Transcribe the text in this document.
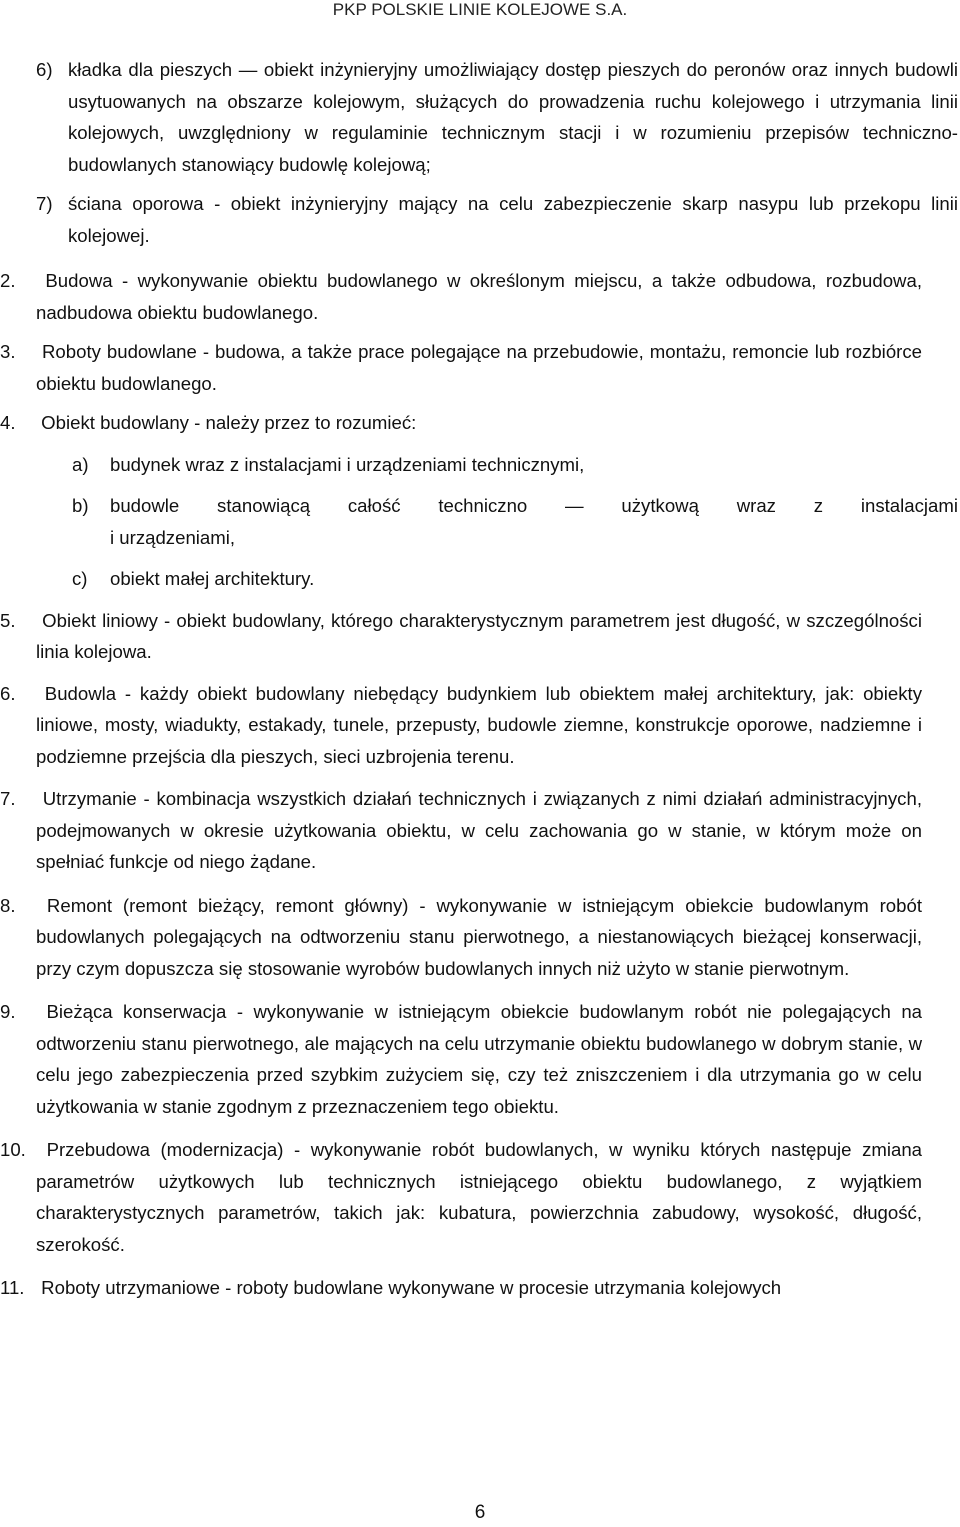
PKP POLSKIE LINIE KOLEJOWE S.A.
6) kładka dla pieszych — obiekt inżynieryjny umożliwiający dostęp pieszych do peronów oraz innych budowli usytuowanych na obszarze kolejowym, służących do prowadzenia ruchu kolejowego i utrzymania linii kolejowych, uwzględniony w regulaminie technicznym stacji i w rozumieniu przepisów techniczno-budowlanych stanowiący budowlę kolejową;
7) ściana oporowa - obiekt inżynieryjny mający na celu zabezpieczenie skarp nasypu lub przekopu linii kolejowej.
2. Budowa - wykonywanie obiektu budowlanego w określonym miejscu, a także odbudowa, rozbudowa, nadbudowa obiektu budowlanego.
3. Roboty budowlane - budowa, a także prace polegające na przebudowie, montażu, remoncie lub rozbiórce obiektu budowlanego.
4. Obiekt budowlany - należy przez to rozumieć:
a) budynek wraz z instalacjami i urządzeniami technicznymi,
b) budowle stanowiącą całość techniczno — użytkową wraz z instalacjami
i urządzeniami,
c) obiekt małej architektury.
5. Obiekt liniowy - obiekt budowlany, którego charakterystycznym parametrem jest długość, w szczególności linia kolejowa.
6. Budowla - każdy obiekt budowlany niebędący budynkiem lub obiektem małej architektury, jak: obiekty liniowe, mosty, wiadukty, estakady, tunele, przepusty, budowle ziemne, konstrukcje oporowe, nadziemne i podziemne przejścia dla pieszych, sieci uzbrojenia terenu.
7. Utrzymanie - kombinacja wszystkich działań technicznych i związanych z nimi działań administracyjnych, podejmowanych w okresie użytkowania obiektu, w celu zachowania go w stanie, w którym może on spełniać funkcje od niego żądane.
8. Remont (remont bieżący, remont główny) - wykonywanie w istniejącym obiekcie budowlanym robót budowlanych polegających na odtworzeniu stanu pierwotnego, a niestanowiących bieżącej konserwacji, przy czym dopuszcza się stosowanie wyrobów budowlanych innych niż użyto w stanie pierwotnym.
9. Bieżąca konserwacja - wykonywanie w istniejącym obiekcie budowlanym robót nie polegających na odtworzeniu stanu pierwotnego, ale mających na celu utrzymanie obiektu budowlanego w dobrym stanie, w celu jego zabezpieczenia przed szybkim zużyciem się, czy też zniszczeniem i dla utrzymania go w celu użytkowania w stanie zgodnym z przeznaczeniem tego obiektu.
10. Przebudowa (modernizacja) - wykonywanie robót budowlanych, w wyniku których następuje zmiana parametrów użytkowych lub technicznych istniejącego obiektu budowlanego, z wyjątkiem charakterystycznych parametrów, takich jak: kubatura, powierzchnia zabudowy, wysokość, długość, szerokość.
11. Roboty utrzymaniowe - roboty budowlane wykonywane w procesie utrzymania kolejowych
6
